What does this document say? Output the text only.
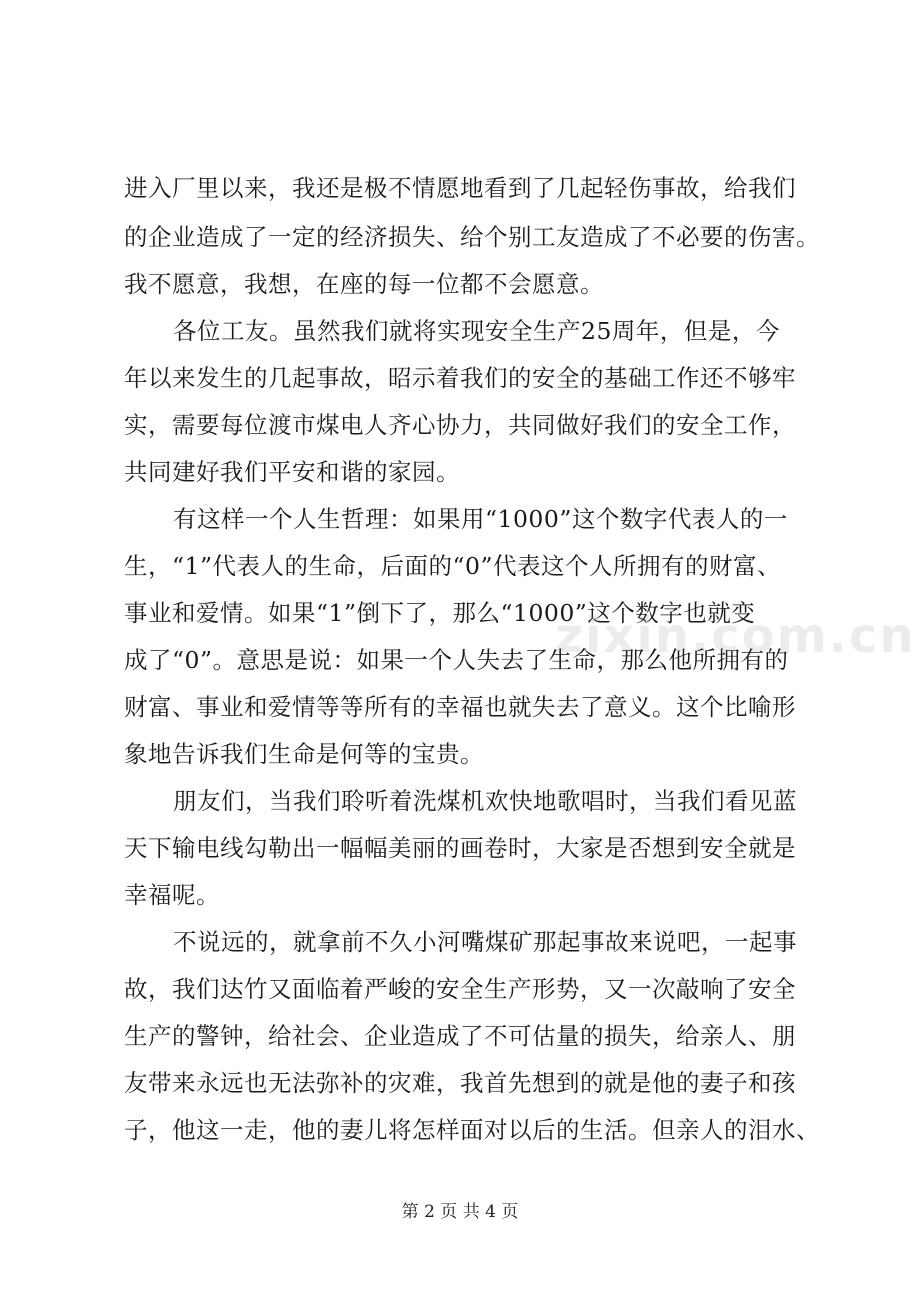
进入厂里以来，我还是极不情愿地看到了几起轻伤事故，给我们
的企业造成了一定的经济损失、给个别工友造成了不必要的伤害。
我不愿意，我想，在座的每一位都不会愿意。
各位工友。虽然我们就将实现安全生产25周年，但是，今
年以来发生的几起事故，昭示着我们的安全的基础工作还不够牢
实，需要每位渡市煤电人齐心协力，共同做好我们的安全工作，
共同建好我们平安和谐的家园。
有这样一个人生哲理：如果用“1000”这个数字代表人的一
生，“1”代表人的生命，后面的“0”代表这个人所拥有的财富、
事业和爱情。如果“1”倒下了，那么“1000”这个数字也就变
成了“0”。意思是说：如果一个人失去了生命，那么他所拥有的
财富、事业和爱情等等所有的幸福也就失去了意义。这个比喻形
象地告诉我们生命是何等的宝贵。
朋友们，当我们聆听着洗煤机欢快地歌唱时，当我们看见蓝
天下输电线勾勒出一幅幅美丽的画卷时，大家是否想到安全就是
幸福呢。
不说远的，就拿前不久小河嘴煤矿那起事故来说吧，一起事
故，我们达竹又面临着严峻的安全生产形势，又一次敲响了安全
生产的警钟，给社会、企业造成了不可估量的损失，给亲人、朋
友带来永远也无法弥补的灾难，我首先想到的就是他的妻子和孩
子，他这一走，他的妻儿将怎样面对以后的生活。但亲人的泪水、
zixin.com.cn
第 2 页 共 4 页
